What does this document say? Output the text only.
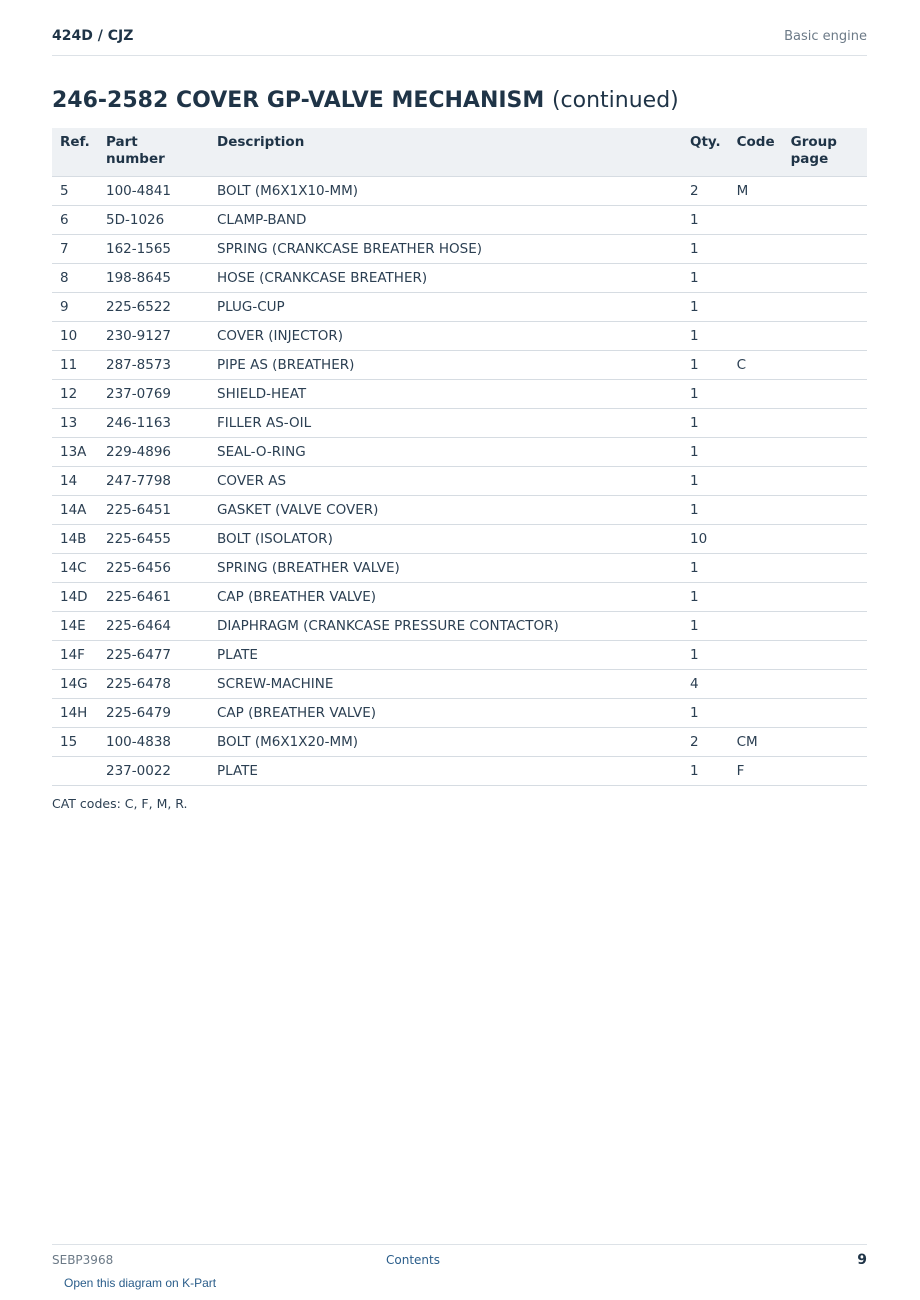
424D / CJZ	Basic engine
246-2582 COVER GP-VALVE MECHANISM (continued)
Ref.	Part number	Description	Qty.	Code	Group page
5	100-4841	BOLT (M6X1X10-MM)	2	M	
6	5D-1026	CLAMP-BAND	1		
7	162-1565	SPRING (CRANKCASE BREATHER HOSE)	1		
8	198-8645	HOSE (CRANKCASE BREATHER)	1		
9	225-6522	PLUG-CUP	1		
10	230-9127	COVER (INJECTOR)	1		
11	287-8573	PIPE AS (BREATHER)	1	C	
12	237-0769	SHIELD-HEAT	1		
13	246-1163	FILLER AS-OIL	1		
13A	229-4896	SEAL-O-RING	1		
14	247-7798	COVER AS	1		
14A	225-6451	GASKET (VALVE COVER)	1		
14B	225-6455	BOLT (ISOLATOR)	10		
14C	225-6456	SPRING (BREATHER VALVE)	1		
14D	225-6461	CAP (BREATHER VALVE)	1		
14E	225-6464	DIAPHRAGM (CRANKCASE PRESSURE CONTACTOR)	1		
14F	225-6477	PLATE	1		
14G	225-6478	SCREW-MACHINE	4		
14H	225-6479	CAP (BREATHER VALVE)	1		
15	100-4838	BOLT (M6X1X20-MM)	2	CM	
	237-0022	PLATE	1	F	
CAT codes: C, F, M, R.
SEBP3968	Contents	9
Open this diagram on K-Part
